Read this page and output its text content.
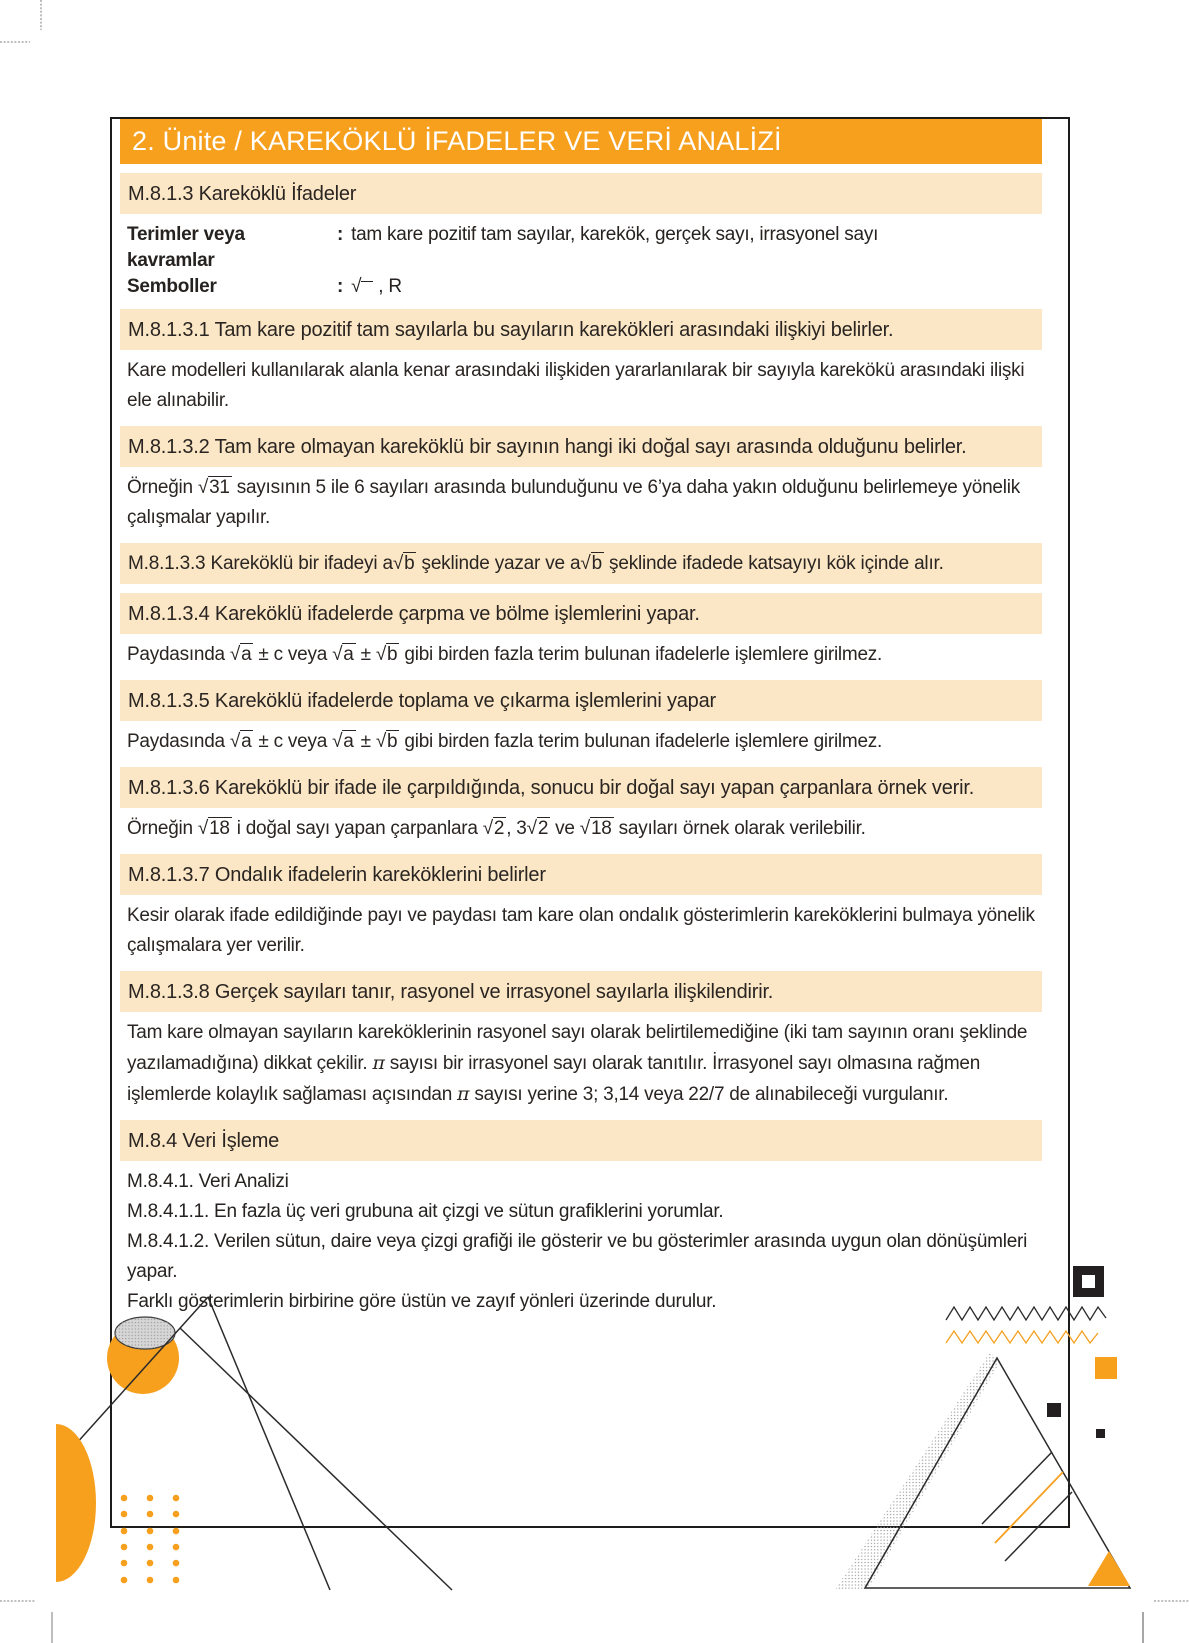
2. Ünite / KAREKÖKLÜ İFADELER VE VERİ ANALİZİ
M.8.1.3 Kareköklü İfadeler
Terimler veya kavramlar
: tam kare pozitif tam sayılar, karekök, gerçek sayı, irrasyonel sayı
Semboller	: √ , R
M.8.1.3.1 Tam kare pozitif tam sayılarla bu sayıların karekökleri arasındaki ilişkiyi belirler.

Kare modelleri kullanılarak alanla kenar arasındaki ilişkiden yararlanılarak bir sayıyla karekökü arasındaki ilişki ele alınabilir.

M.8.1.3.2 Tam kare olmayan kareköklü bir sayının hangi iki doğal sayı arasında olduğunu belirler.

Örneğin √31 sayısının 5 ile 6 sayıları arasında bulunduğunu ve 6’ya daha yakın olduğunu belirlemeye yönelik çalışmalar yapılır.

M.8.1.3.3 Kareköklü bir ifadeyi a√b şeklinde yazar ve a√b şeklinde ifadede katsayıyı kök içinde alır.
M.8.1.3.4 Kareköklü ifadelerde çarpma ve bölme işlemlerini yapar.

Paydasında √a ± c veya √a ± √b gibi birden fazla terim bulunan ifadelerle işlemlere girilmez.

M.8.1.3.5 Kareköklü ifadelerde toplama ve çıkarma işlemlerini yapar

Paydasında √a ± c veya √a ± √b gibi birden fazla terim bulunan ifadelerle işlemlere girilmez.

M.8.1.3.6 Kareköklü bir ifade ile çarpıldığında, sonucu bir doğal sayı yapan çarpanlara örnek verir.

Örneğin √18 i doğal sayı yapan çarpanlara √2 , 3√2 ve √18 sayıları örnek olarak verilebilir.

M.8.1.3.7 Ondalık ifadelerin kareköklerini belirler

Kesir olarak ifade edildiğinde payı ve paydası tam kare olan ondalık gösterimlerin kareköklerini bulmaya yönelik çalışmalara yer verilir.

M.8.1.3.8 Gerçek sayıları tanır, rasyonel ve irrasyonel sayılarla ilişkilendirir.

Tam kare olmayan sayıların kareköklerinin rasyonel sayı olarak belirtilemediğine (iki tam sayının oranı şeklinde yazılamadığına) dikkat çekilir. π sayısı bir irrasyonel sayı olarak tanıtılır. İrrasyonel sayı olmasına rağmen işlemlerde kolaylık sağlaması açısından π sayısı yerine 3; 3,14 veya 22/7 de alınabileceği vurgulanır.

M.8.4 Veri İşleme

M.8.4.1. Veri Analizi

M.8.4.1.1. En fazla üç veri grubuna ait çizgi ve sütun grafiklerini yorumlar.

M.8.4.1.2. Verilen sütun, daire veya çizgi grafiği ile gösterir ve bu gösterimler arasında uygun olan dönüşümleri yapar.

Farklı gösterimlerin birbirine göre üstün ve zayıf yönleri üzerinde durulur.
